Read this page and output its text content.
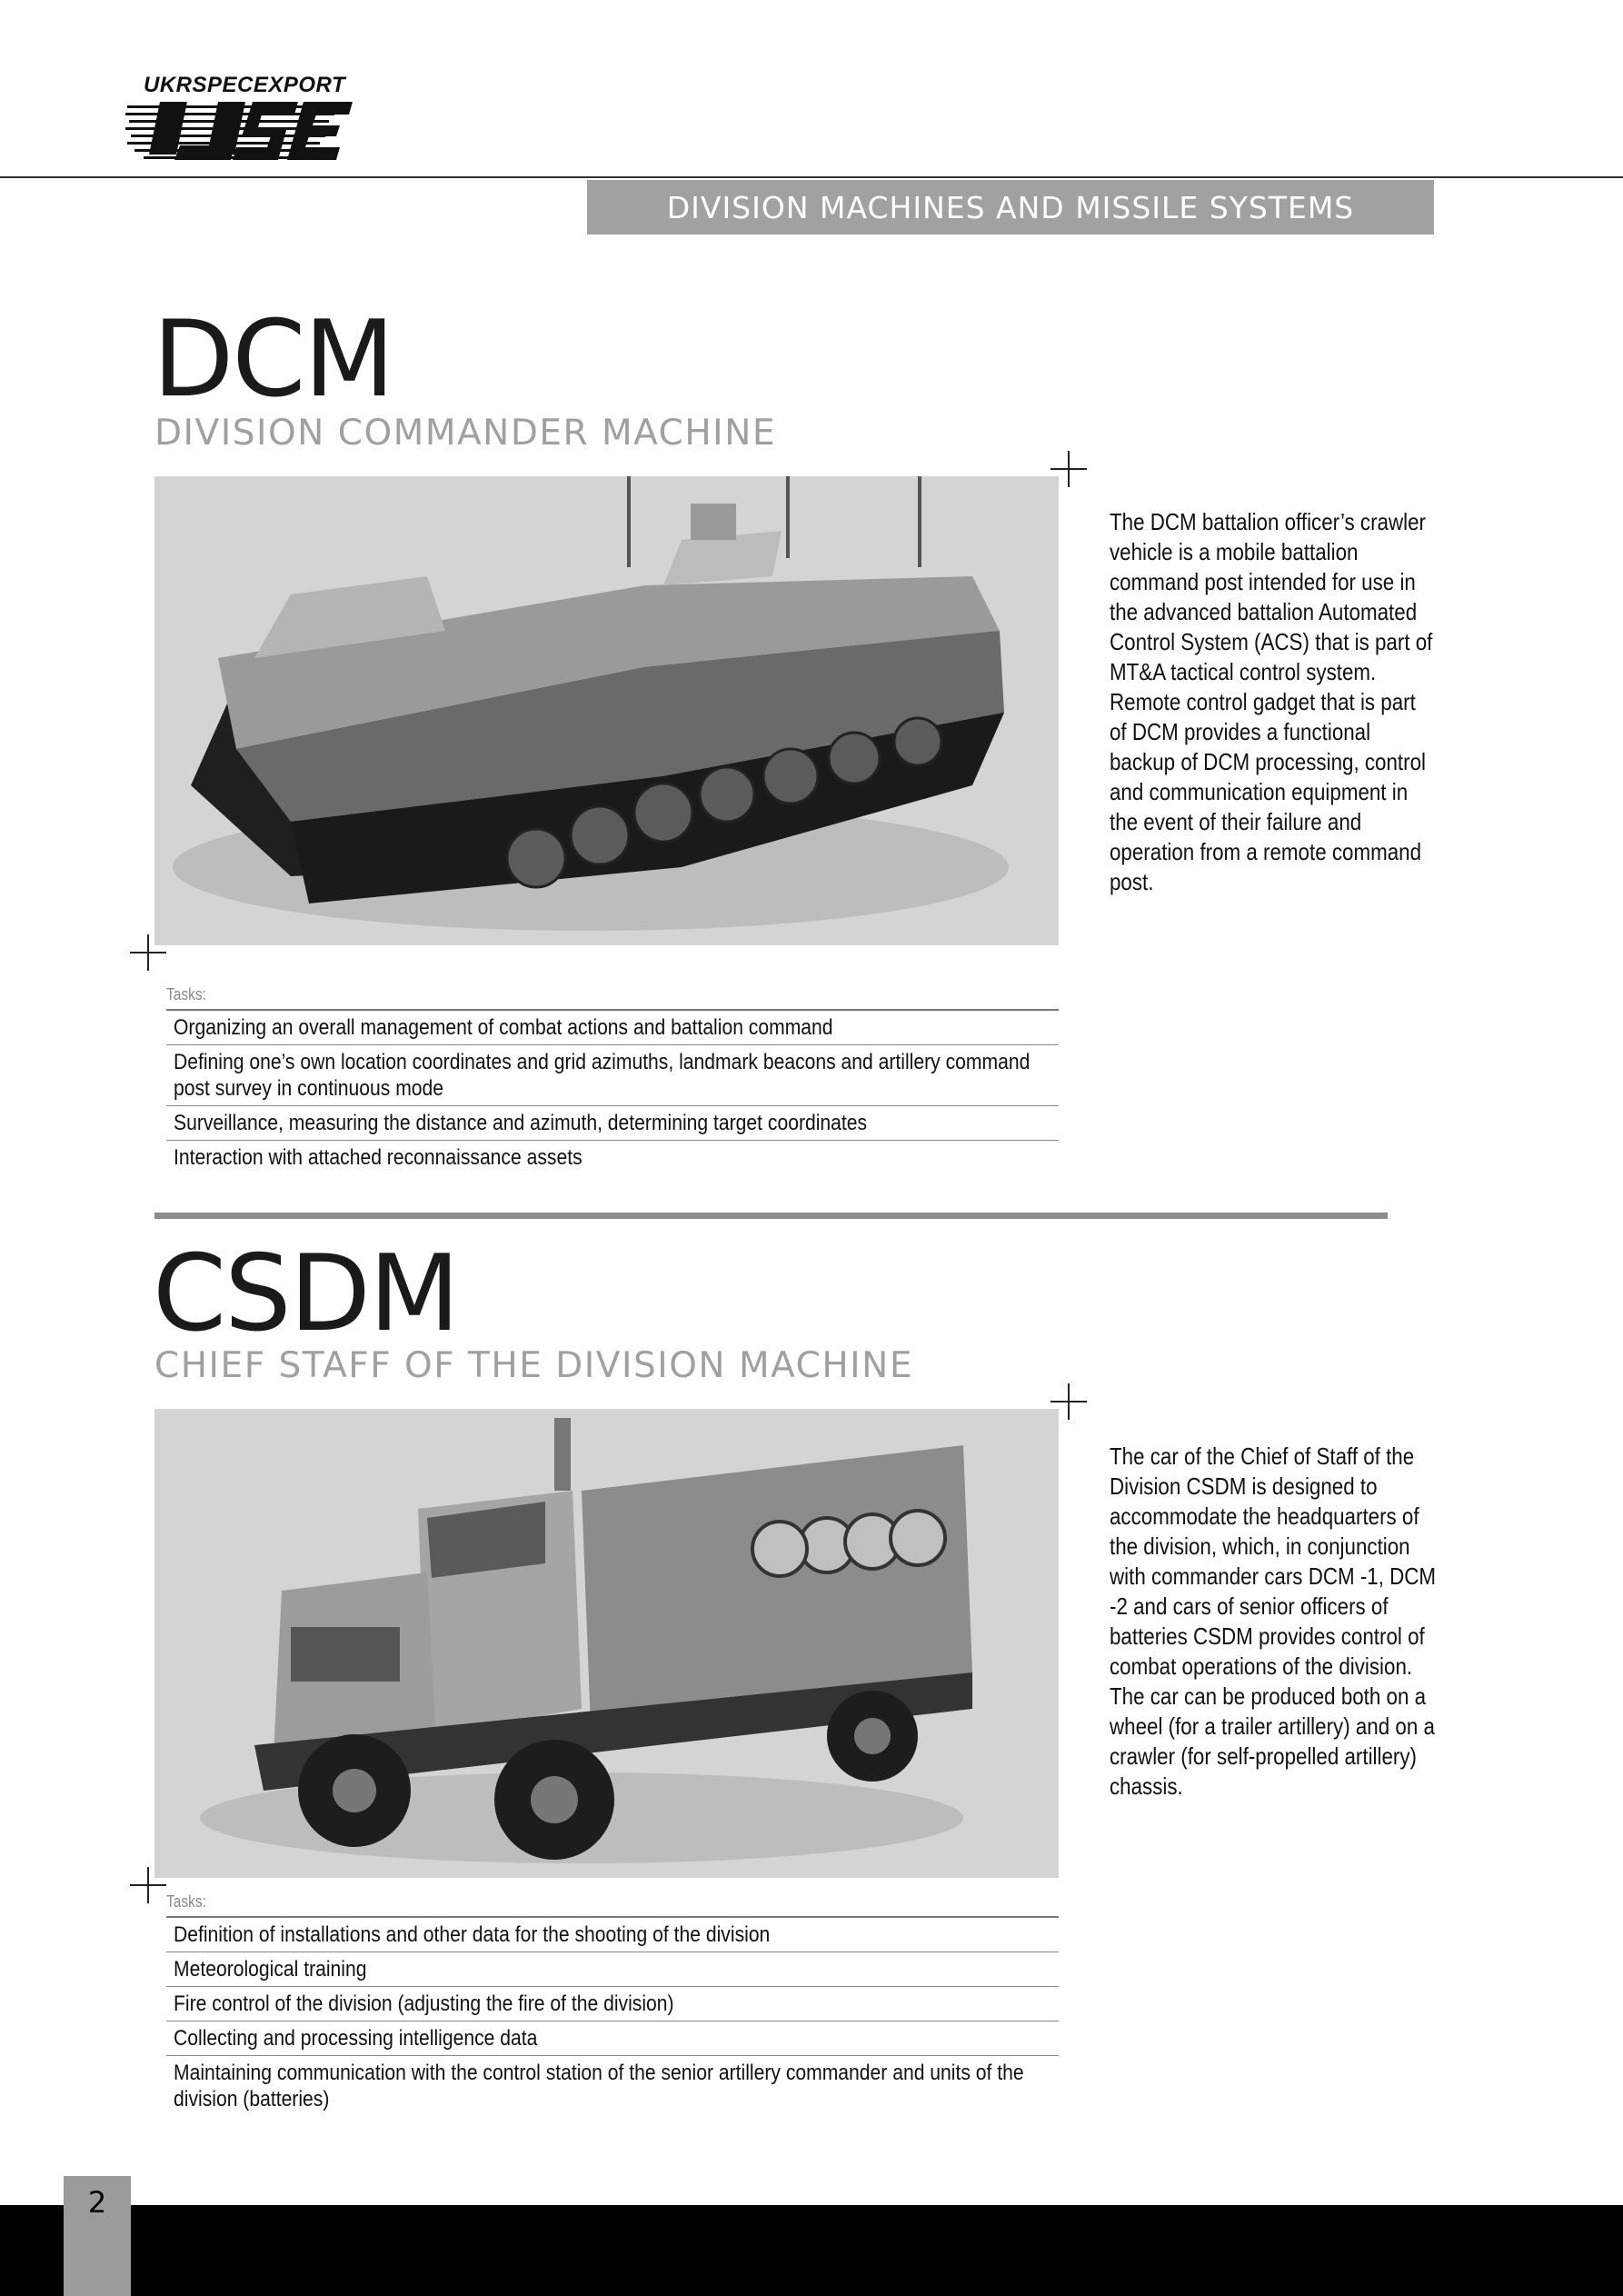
UKRSPECEXPORT
DIVISION MACHINES AND MISSILE SYSTEMS
DCM
DIVISION COMMANDER MACHINE

The DCM battalion officer’s crawler vehicle is a mobile battalion command post intended for use in the advanced battalion Automated Control System (ACS) that is part of MT&A tactical control system.

Remote control gadget that is part of DCM provides a functional backup of DCM processing, control and communication equipment in the event of their failure and operation from a remote command post.

Tasks:
Organizing an overall management of combat actions and battalion command
Defining one’s own location coordinates and grid azimuths, landmark beacons and artillery command post survey in continuous mode
Surveillance, measuring the distance and azimuth, determining target coordinates
Interaction with attached reconnaissance assets
CSDM
CHIEF STAFF OF THE DIVISION MACHINE

The car of the Chief of Staff of the Division CSDM is designed to accommodate the headquarters of the division, which, in conjunction with commander cars DCM -1, DCM -2 and cars of senior officers of batteries CSDM provides control of combat operations of the division.

The car can be produced both on a wheel (for a trailer artillery) and on a crawler (for self-propelled artillery) chassis.

Tasks:
Definition of installations and other data for the shooting of the division
Meteorological training
Fire control of the division (adjusting the fire of the division)
Collecting and processing intelligence data
Maintaining communication with the control station of the senior artillery commander and units of the division (batteries)
2
